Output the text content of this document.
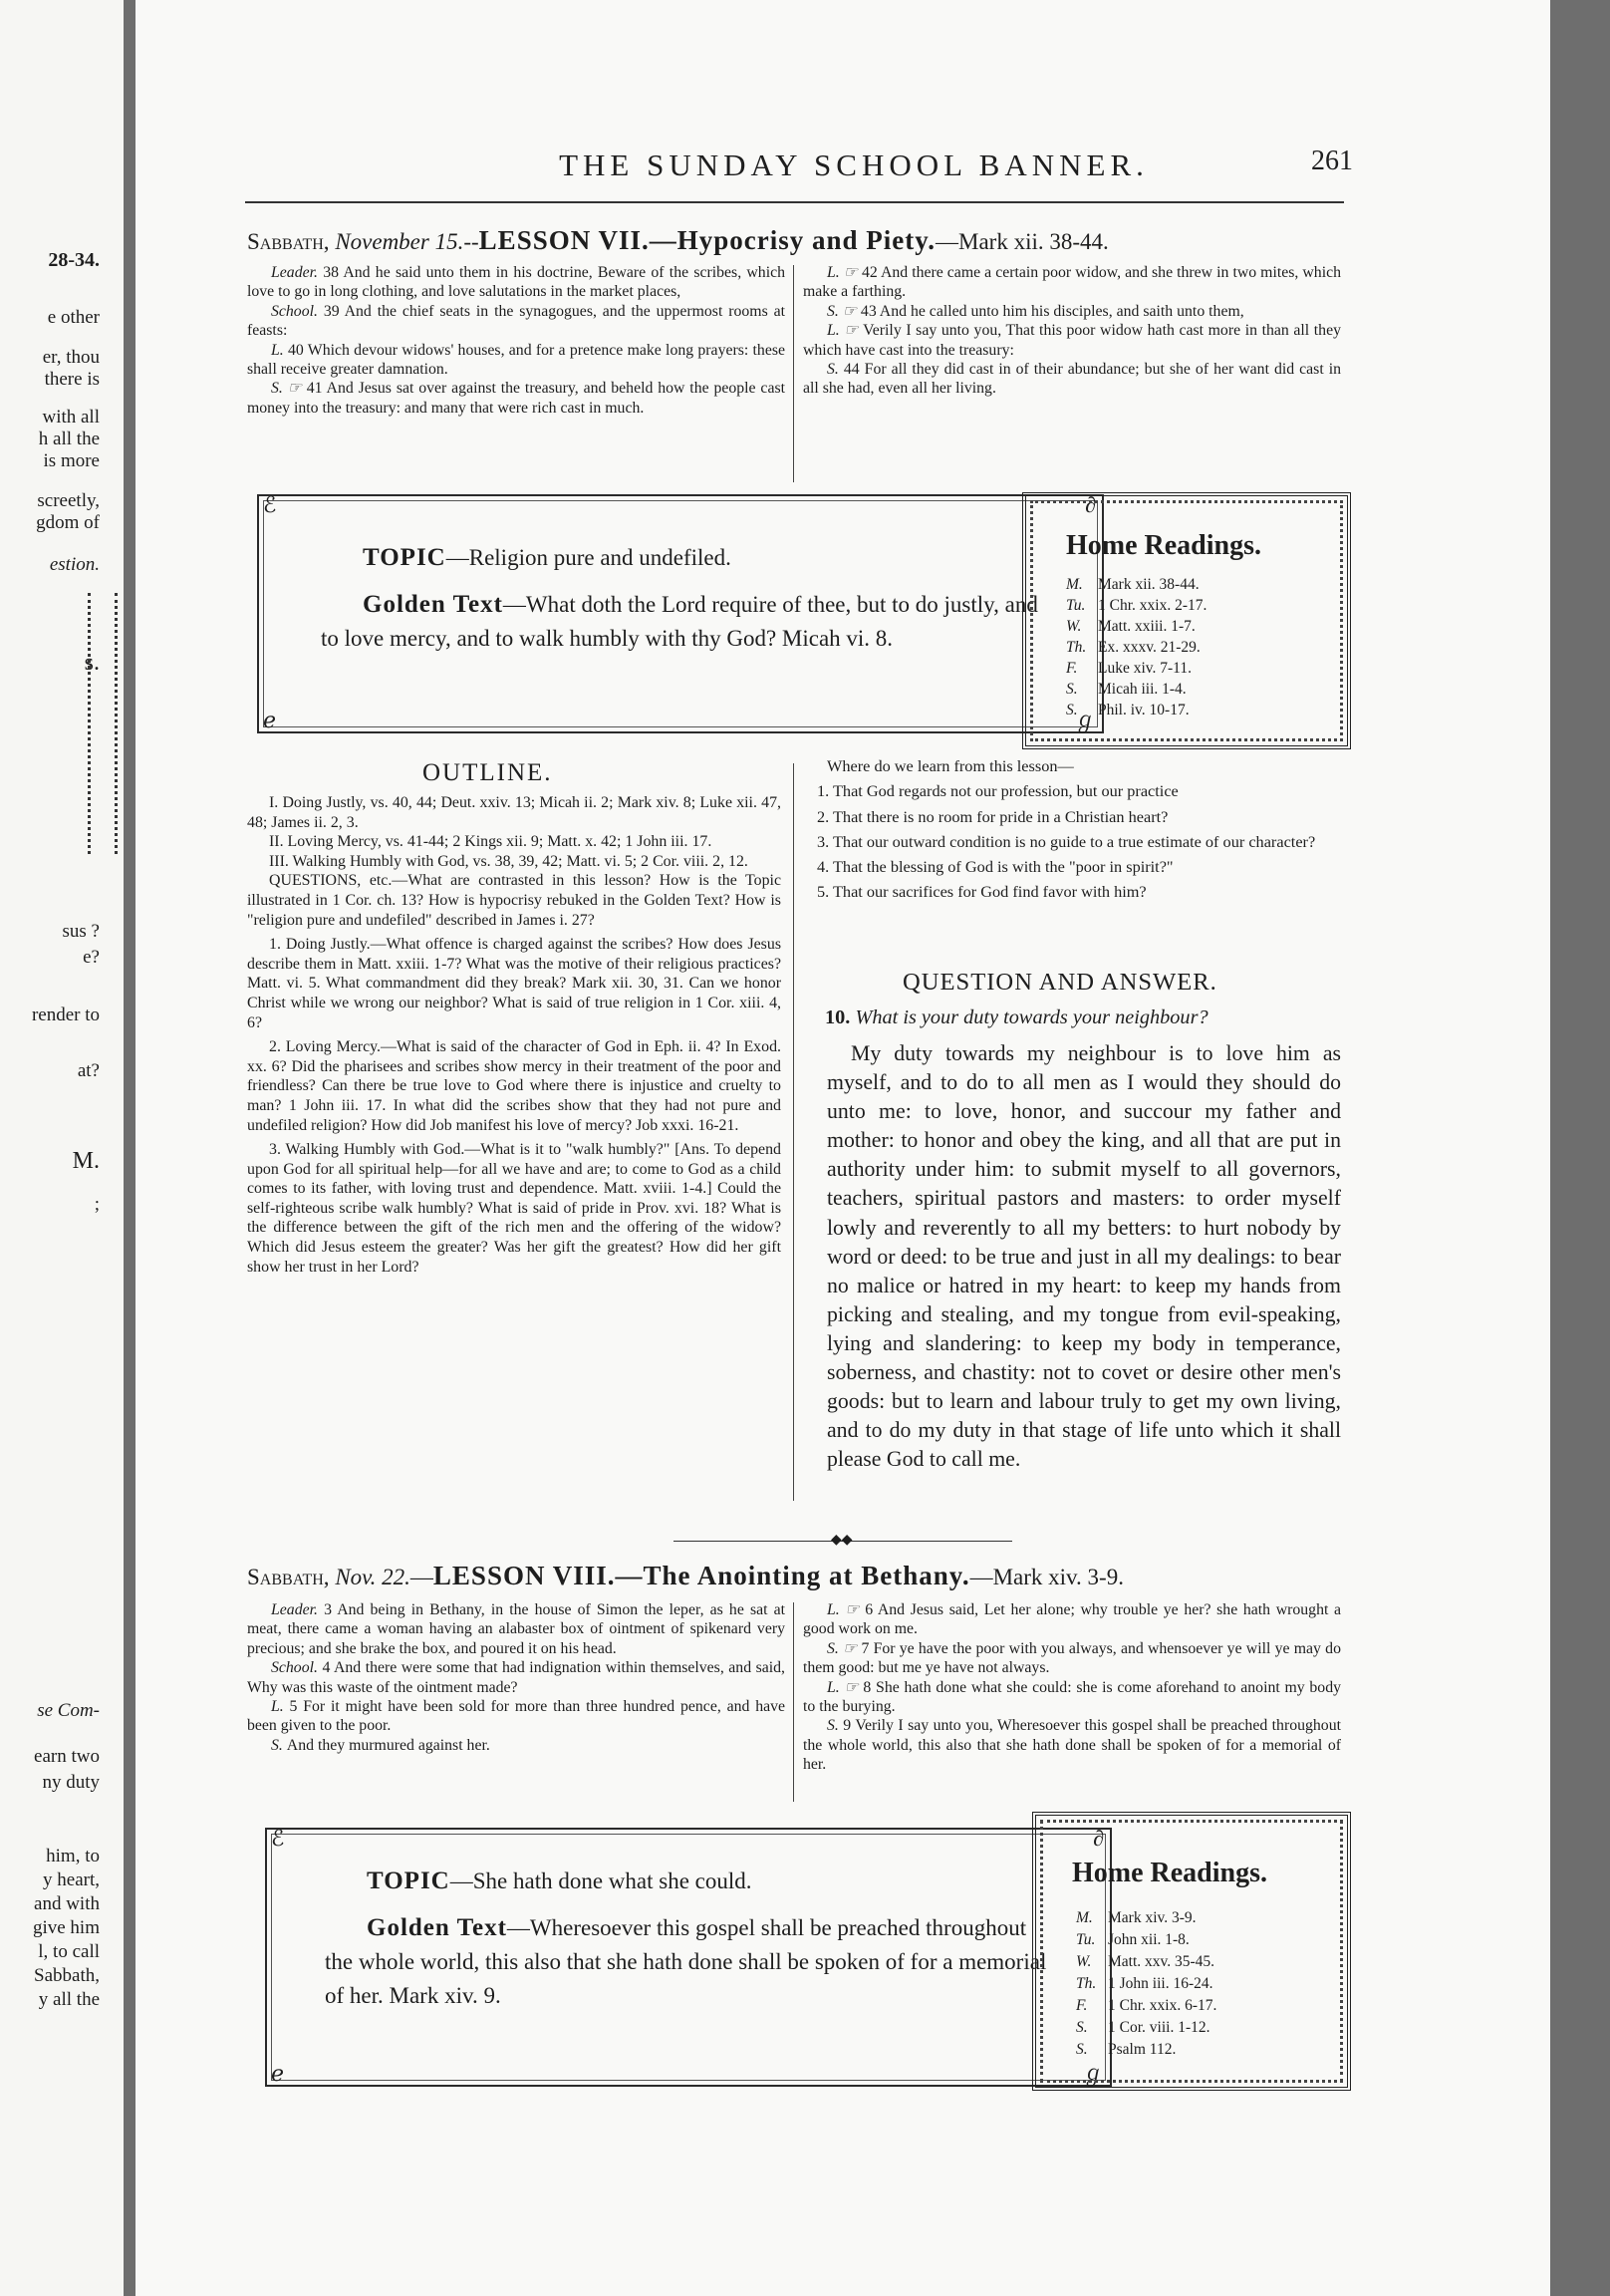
28-34.
e other
er, thou
there is
with all
h all the
is more
screetly,
gdom of
estion.
s.
sus ?
e?
render to
at?
M.
;
se Com-
earn two
ny duty
him, to
y heart,
and with
give him
l, to call
Sabbath,
y all the
THE SUNDAY SCHOOL BANNER.	261
Sabbath, November 15.--LESSON VII.—Hypocrisy and Piety.—Mark xii. 38-44.

Leader. 38 And he said unto them in his doctrine, Beware of the scribes, which love to go in long clothing, and love salutations in the market places,

School. 39 And the chief seats in the synagogues, and the uppermost rooms at feasts:

L. 40 Which devour widows' houses, and for a pretence make long prayers: these shall receive greater damnation.

S. ☞ 41 And Jesus sat over against the treasury, and beheld how the people cast money into the treasury: and many that were rich cast in much.

L. ☞ 42 And there came a certain poor widow, and she threw in two mites, which make a farthing.

S. ☞ 43 And he called unto him his disciples, and saith unto them,

L. ☞ Verily I say unto you, That this poor widow hath cast more in than all they which have cast into the treasury:

S. 44 For all they did cast in of their abundance; but she of her want did cast in all she had, even all her living.

ℰ	∂
ℯ	ℊ
TOPIC—Religion pure and undefiled.
Golden Text—What doth the Lord require of thee, but to do justly, and to love mercy, and to walk humbly with thy God? Micah vi. 8.
Home Readings.
M. Mark xii. 38-44.
Tu. 1 Chr. xxix. 2-17.
W. Matt. xxiii. 1-7.
Th. Ex. xxxv. 21-29.
F. Luke xiv. 7-11.
S. Micah iii. 1-4.
S. Phil. iv. 10-17.
OUTLINE.

I. Doing Justly, vs. 40, 44; Deut. xxiv. 13; Micah ii. 2; Mark xiv. 8; Luke xii. 47, 48; James ii. 2, 3.

II. Loving Mercy, vs. 41-44; 2 Kings xii. 9; Matt. x. 42; 1 John iii. 17.

III. Walking Humbly with God, vs. 38, 39, 42; Matt. vi. 5; 2 Cor. viii. 2, 12.

QUESTIONS, etc.—What are contrasted in this lesson? How is the Topic illustrated in 1 Cor. ch. 13? How is hypocrisy rebuked in the Golden Text? How is "religion pure and undefiled" described in James i. 27?

1. Doing Justly.—What offence is charged against the scribes? How does Jesus describe them in Matt. xxiii. 1-7? What was the motive of their religious practices? Matt. vi. 5. What commandment did they break? Mark xii. 30, 31. Can we honor Christ while we wrong our neighbor? What is said of true religion in 1 Cor. xiii. 4, 6?

2. Loving Mercy.—What is said of the character of God in Eph. ii. 4? In Exod. xx. 6? Did the pharisees and scribes show mercy in their treatment of the poor and friendless? Can there be true love to God where there is injustice and cruelty to man? 1 John iii. 17. In what did the scribes show that they had not pure and undefiled religion? How did Job manifest his love of mercy? Job xxxi. 16-21.

3. Walking Humbly with God.—What is it to "walk humbly?" [Ans. To depend upon God for all spiritual help—for all we have and are; to come to God as a child comes to its father, with loving trust and dependence. Matt. xviii. 1-4.] Could the self-righteous scribe walk humbly? What is said of pride in Prov. xvi. 18? What is the difference between the gift of the rich men and the offering of the widow? Which did Jesus esteem the greater? Was her gift the greatest? How did her gift show her trust in her Lord?

Where do we learn from this lesson—

1. That God regards not our profession, but our practice

2. That there is no room for pride in a Christian heart?

3. That our outward condition is no guide to a true estimate of our character?

4. That the blessing of God is with the "poor in spirit?"

5. That our sacrifices for God find favor with him?

QUESTION AND ANSWER.
10. What is your duty towards your neighbour?
My duty towards my neighbour is to love him as myself, and to do to all men as I would they should do unto me: to love, honor, and succour my father and mother: to honor and obey the king, and all that are put in authority under him: to submit myself to all governors, teachers, spiritual pastors and masters: to order myself lowly and reverently to all my betters: to hurt nobody by word or deed: to be true and just in all my dealings: to bear no malice or hatred in my heart: to keep my hands from picking and stealing, and my tongue from evil-speaking, lying and slandering: to keep my body in temperance, soberness, and chastity: not to covet or desire other men's goods: but to learn and labour truly to get my own living, and to do my duty in that stage of life unto which it shall please God to call me.
◆◆
Sabbath, Nov. 22.—LESSON VIII.—The Anointing at Bethany.—Mark xiv. 3-9.

Leader. 3 And being in Bethany, in the house of Simon the leper, as he sat at meat, there came a woman having an alabaster box of ointment of spikenard very precious; and she brake the box, and poured it on his head.

School. 4 And there were some that had indignation within themselves, and said, Why was this waste of the ointment made?

L. 5 For it might have been sold for more than three hundred pence, and have been given to the poor.

S. And they murmured against her.

L. ☞ 6 And Jesus said, Let her alone; why trouble ye her? she hath wrought a good work on me.

S. ☞ 7 For ye have the poor with you always, and whensoever ye will ye may do them good: but me ye have not always.

L. ☞ 8 She hath done what she could: she is come aforehand to anoint my body to the burying.

S. 9 Verily I say unto you, Wheresoever this gospel shall be preached throughout the whole world, this also that she hath done shall be spoken of for a memorial of her.

ℰ	∂
ℯ	ℊ
TOPIC—She hath done what she could.
Golden Text—Wheresoever this gospel shall be preached throughout the whole world, this also that she hath done shall be spoken of for a memorial of her. Mark xiv. 9.
Home Readings.
M. Mark xiv. 3-9.
Tu. John xii. 1-8.
W. Matt. xxv. 35-45.
Th. 1 John iii. 16-24.
F. 1 Chr. xxix. 6-17.
S. 1 Cor. viii. 1-12.
S. Psalm 112.
